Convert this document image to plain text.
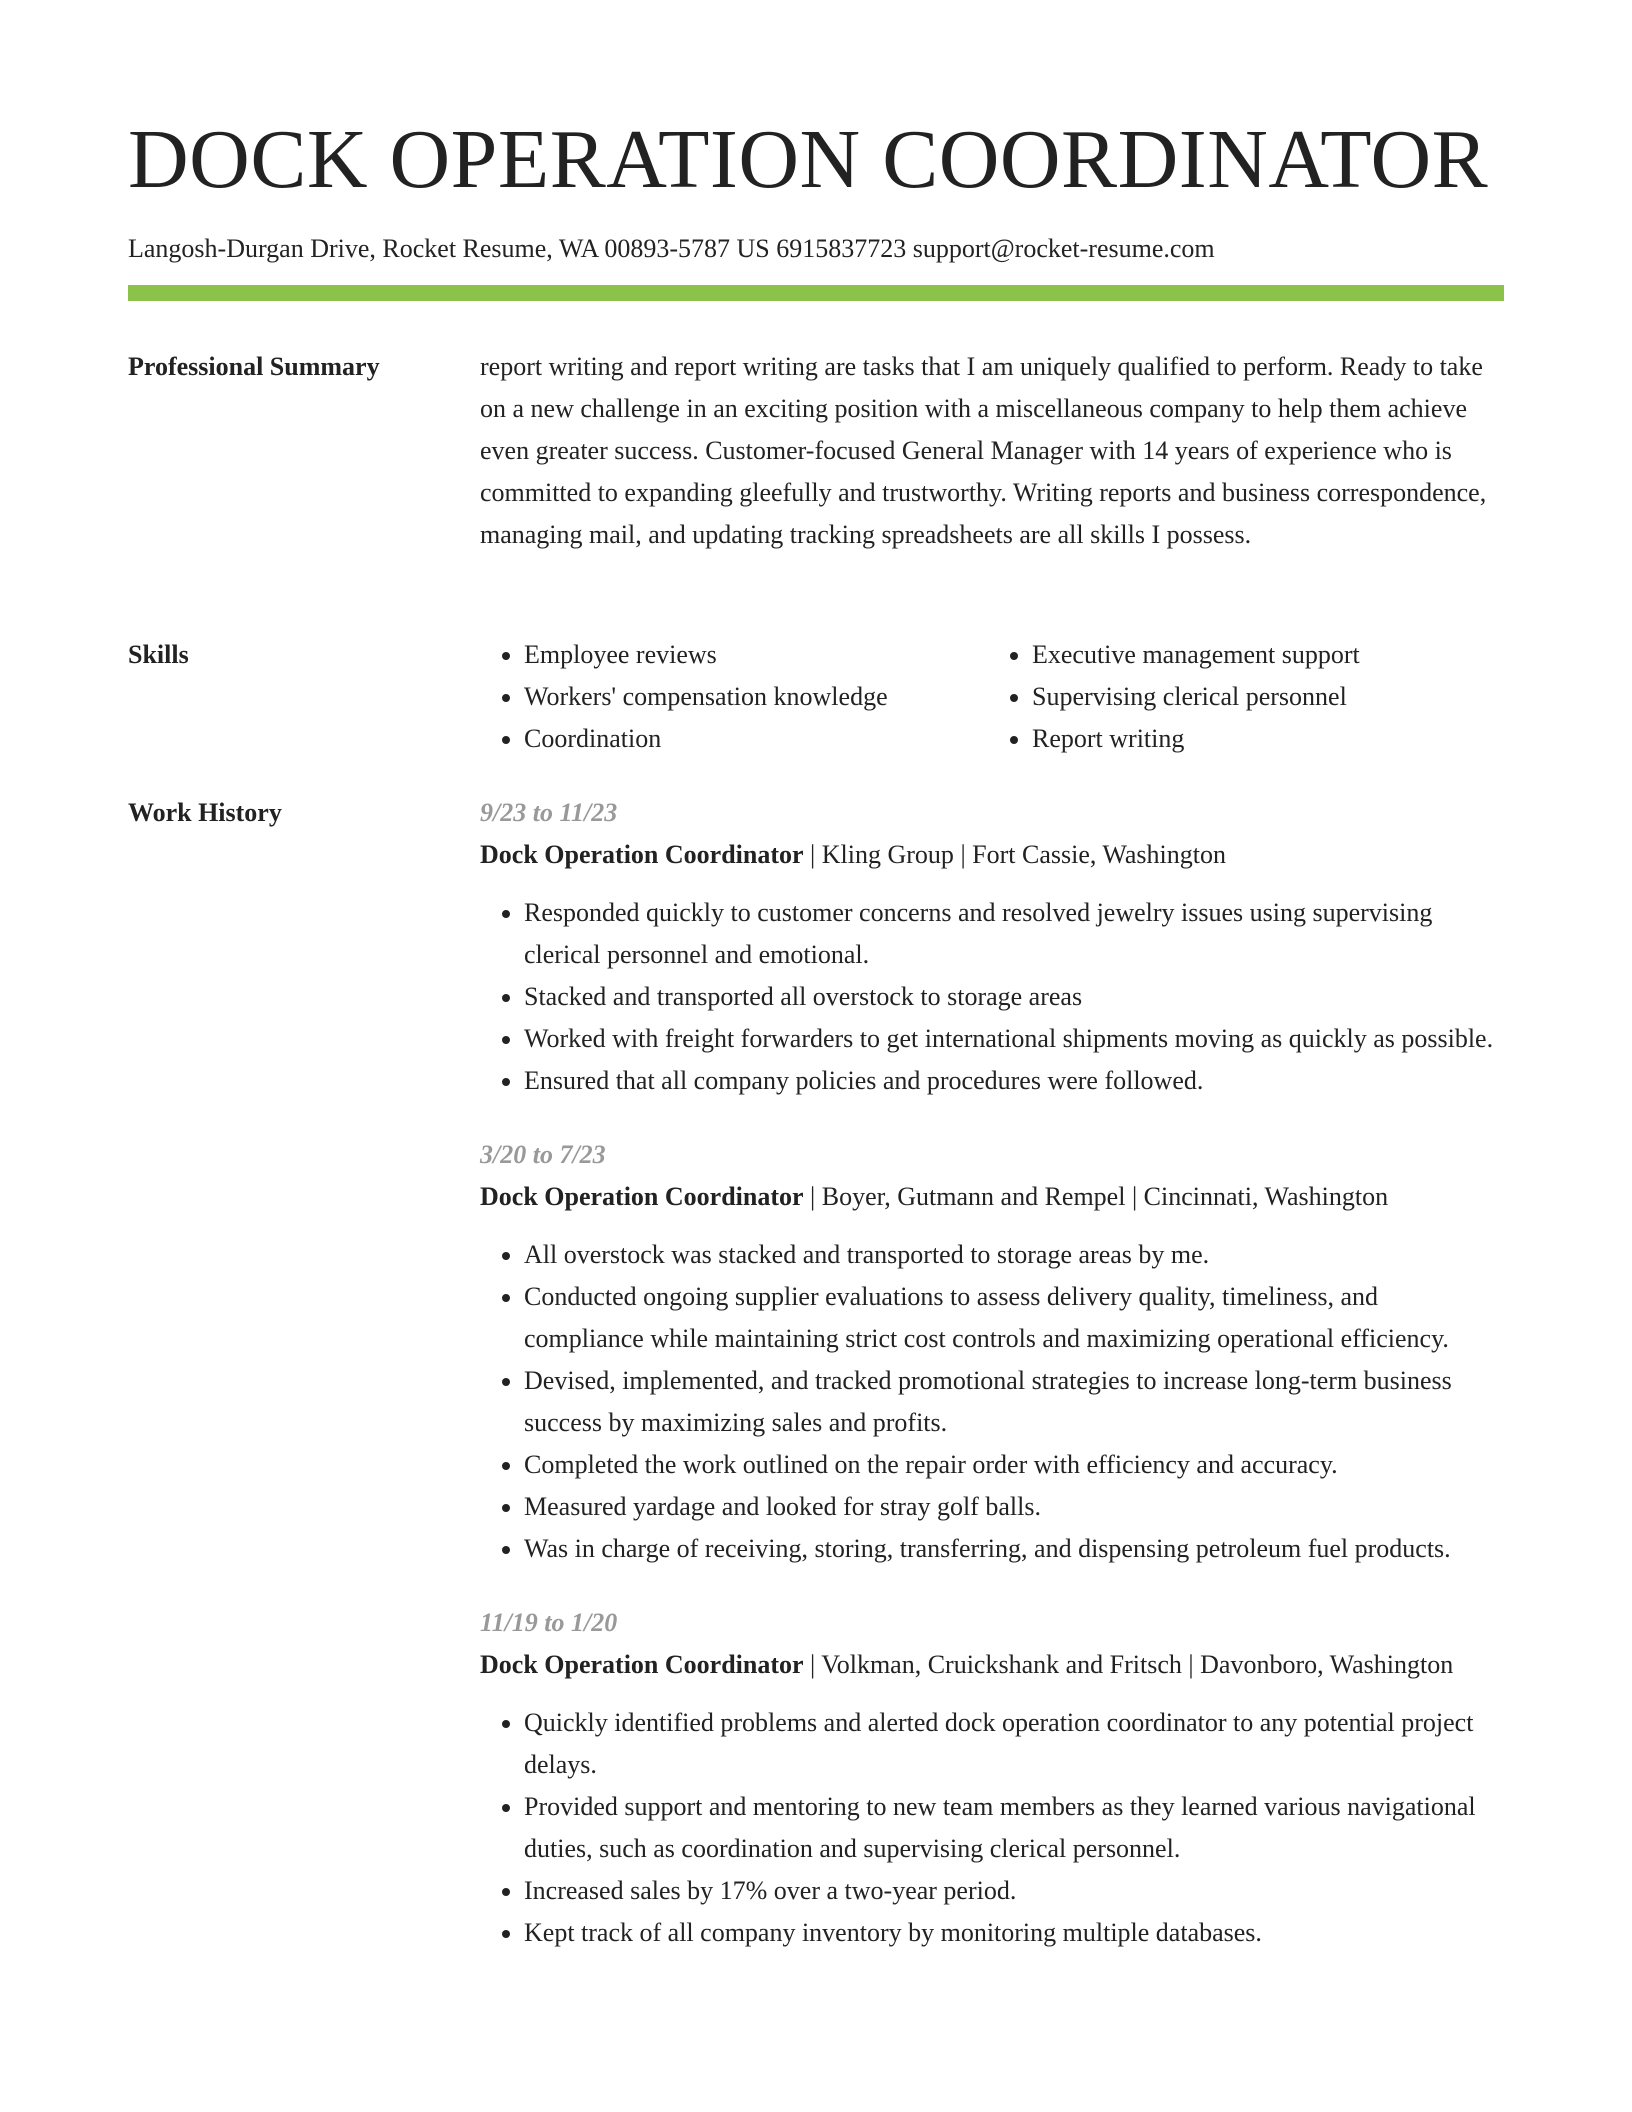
DOCK OPERATION COORDINATOR
Langosh-Durgan Drive, Rocket Resume, WA 00893-5787 US 6915837723 support@rocket-resume.com
Professional Summary	report writing and report writing are tasks that I am uniquely qualified to perform. Ready to take on a new challenge in an exciting position with a miscellaneous company to help them achieve even greater success. Customer-focused General Manager with 14 years of experience who is committed to expanding gleefully and trustworthy. Writing reports and business correspondence, managing mail, and updating tracking spreadsheets are all skills I possess.

Skills
•	Employee reviews
• Workers' compensation knowledge
• Coordination
• Executive management support
• Supervising clerical personnel
• Report writing
Work History	9/23 to 11/23
Dock Operation Coordinator | Kling Group | Fort Cassie, Washington
• Responded quickly to customer concerns and resolved jewelry issues using supervising clerical personnel and emotional.
• Stacked and transported all overstock to storage areas
• Worked with freight forwarders to get international shipments moving as quickly as possible.
• Ensured that all company policies and procedures were followed.
3/20 to 7/23
Dock Operation Coordinator | Boyer, Gutmann and Rempel | Cincinnati, Washington
• All overstock was stacked and transported to storage areas by me.
• Conducted ongoing supplier evaluations to assess delivery quality, timeliness, and compliance while maintaining strict cost controls and maximizing operational efficiency.
• Devised, implemented, and tracked promotional strategies to increase long-term business success by maximizing sales and profits.
• Completed the work outlined on the repair order with efficiency and accuracy.
• Measured yardage and looked for stray golf balls.
• Was in charge of receiving, storing, transferring, and dispensing petroleum fuel products.
11/19 to 1/20
Dock Operation Coordinator | Volkman, Cruickshank and Fritsch | Davonboro, Washington
• Quickly identified problems and alerted dock operation coordinator to any potential project delays.
• Provided support and mentoring to new team members as they learned various navigational duties, such as coordination and supervising clerical personnel.
• Increased sales by 17% over a two-year period.
• Kept track of all company inventory by monitoring multiple databases.
